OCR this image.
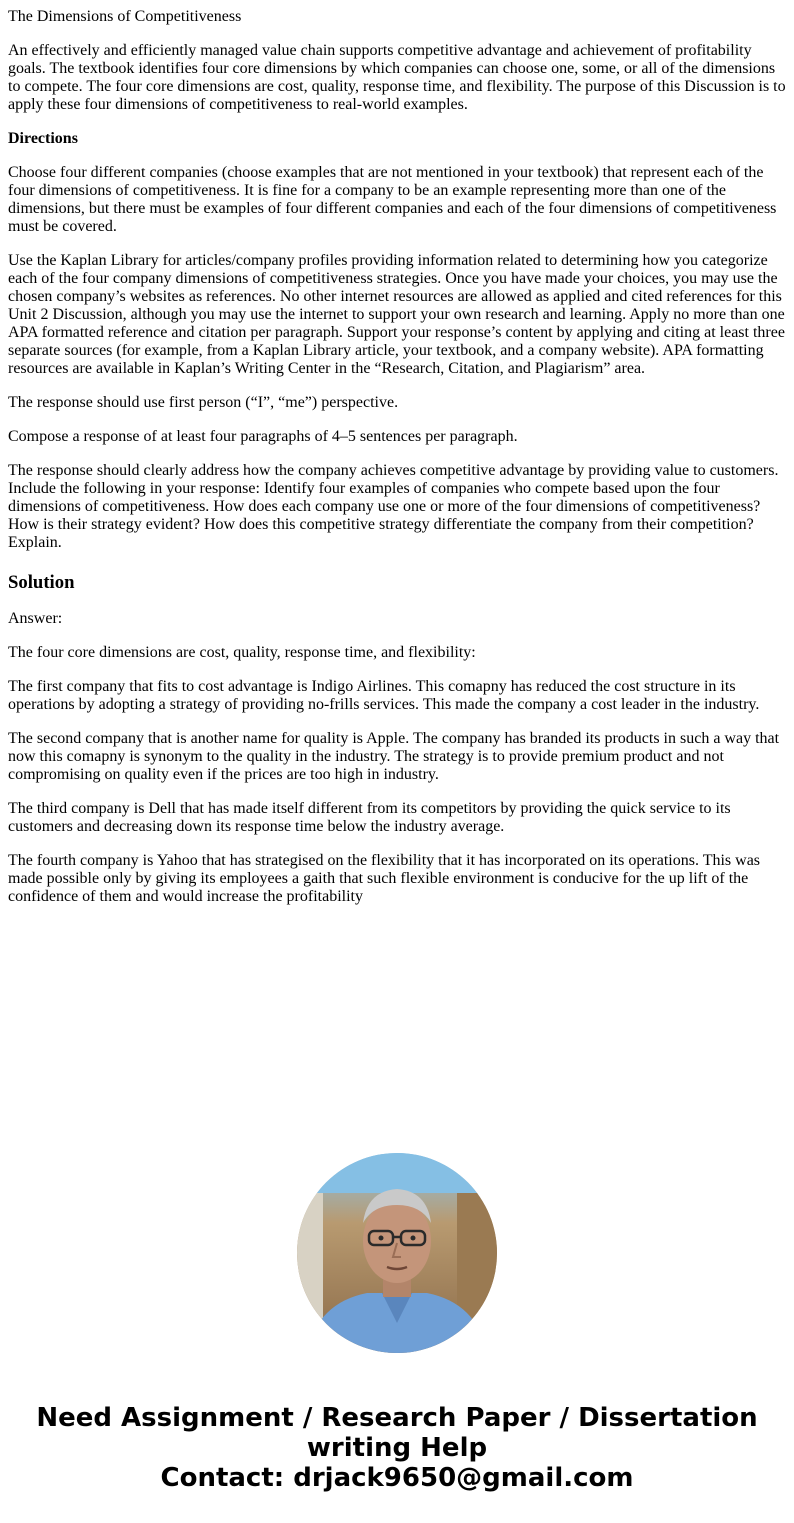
The Dimensions of Competitiveness

An effectively and efficiently managed value chain supports competitive advantage and achievement of profitability goals. The textbook identifies four core dimensions by which companies can choose one, some, or all of the dimensions to compete. The four core dimensions are cost, quality, response time, and flexibility. The purpose of this Discussion is to apply these four dimensions of competitiveness to real-world examples.

Directions

Choose four different companies (choose examples that are not mentioned in your textbook) that represent each of the four dimensions of competitiveness. It is fine for a company to be an example representing more than one of the dimensions, but there must be examples of four different companies and each of the four dimensions of competitiveness must be covered.

Use the Kaplan Library for articles/company profiles providing information related to determining how you categorize each of the four company dimensions of competitiveness strategies. Once you have made your choices, you may use the chosen company’s websites as references. No other internet resources are allowed as applied and cited references for this Unit 2 Discussion, although you may use the internet to support your own research and learning. Apply no more than one APA formatted reference and citation per paragraph. Support your response’s content by applying and citing at least three separate sources (for example, from a Kaplan Library article, your textbook, and a company website). APA formatting resources are available in Kaplan’s Writing Center in the “Research, Citation, and Plagiarism” area.

The response should use first person (“I”, “me”) perspective.

Compose a response of at least four paragraphs of 4–5 sentences per paragraph.

The response should clearly address how the company achieves competitive advantage by providing value to customers. Include the following in your response: Identify four examples of companies who compete based upon the four dimensions of competitiveness. How does each company use one or more of the four dimensions of competitiveness? How is their strategy evident? How does this competitive strategy differentiate the company from their competition? Explain.

Solution

Answer:

The four core dimensions are cost, quality, response time, and flexibility:

The first company that fits to cost advantage is Indigo Airlines. This comapny has reduced the cost structure in its operations by adopting a strategy of providing no-frills services. This made the company a cost leader in the industry.

The second company that is another name for quality is Apple. The company has branded its products in such a way that now this comapny is synonym to the quality in the industry. The strategy is to provide premium product and not compromising on quality even if the prices are too high in industry.

The third company is Dell that has made itself different from its competitors by providing the quick service to its customers and decreasing down its response time below the industry average.

The fourth company is Yahoo that has strategised on the flexibility that it has incorporated on its operations. This was made possible only by giving its employees a gaith that such flexible environment is conducive for the up lift of the confidence of them and would increase the profitability

Need Assignment / Research Paper / Dissertation
writing Help
Contact: drjack9650@gmail.com
